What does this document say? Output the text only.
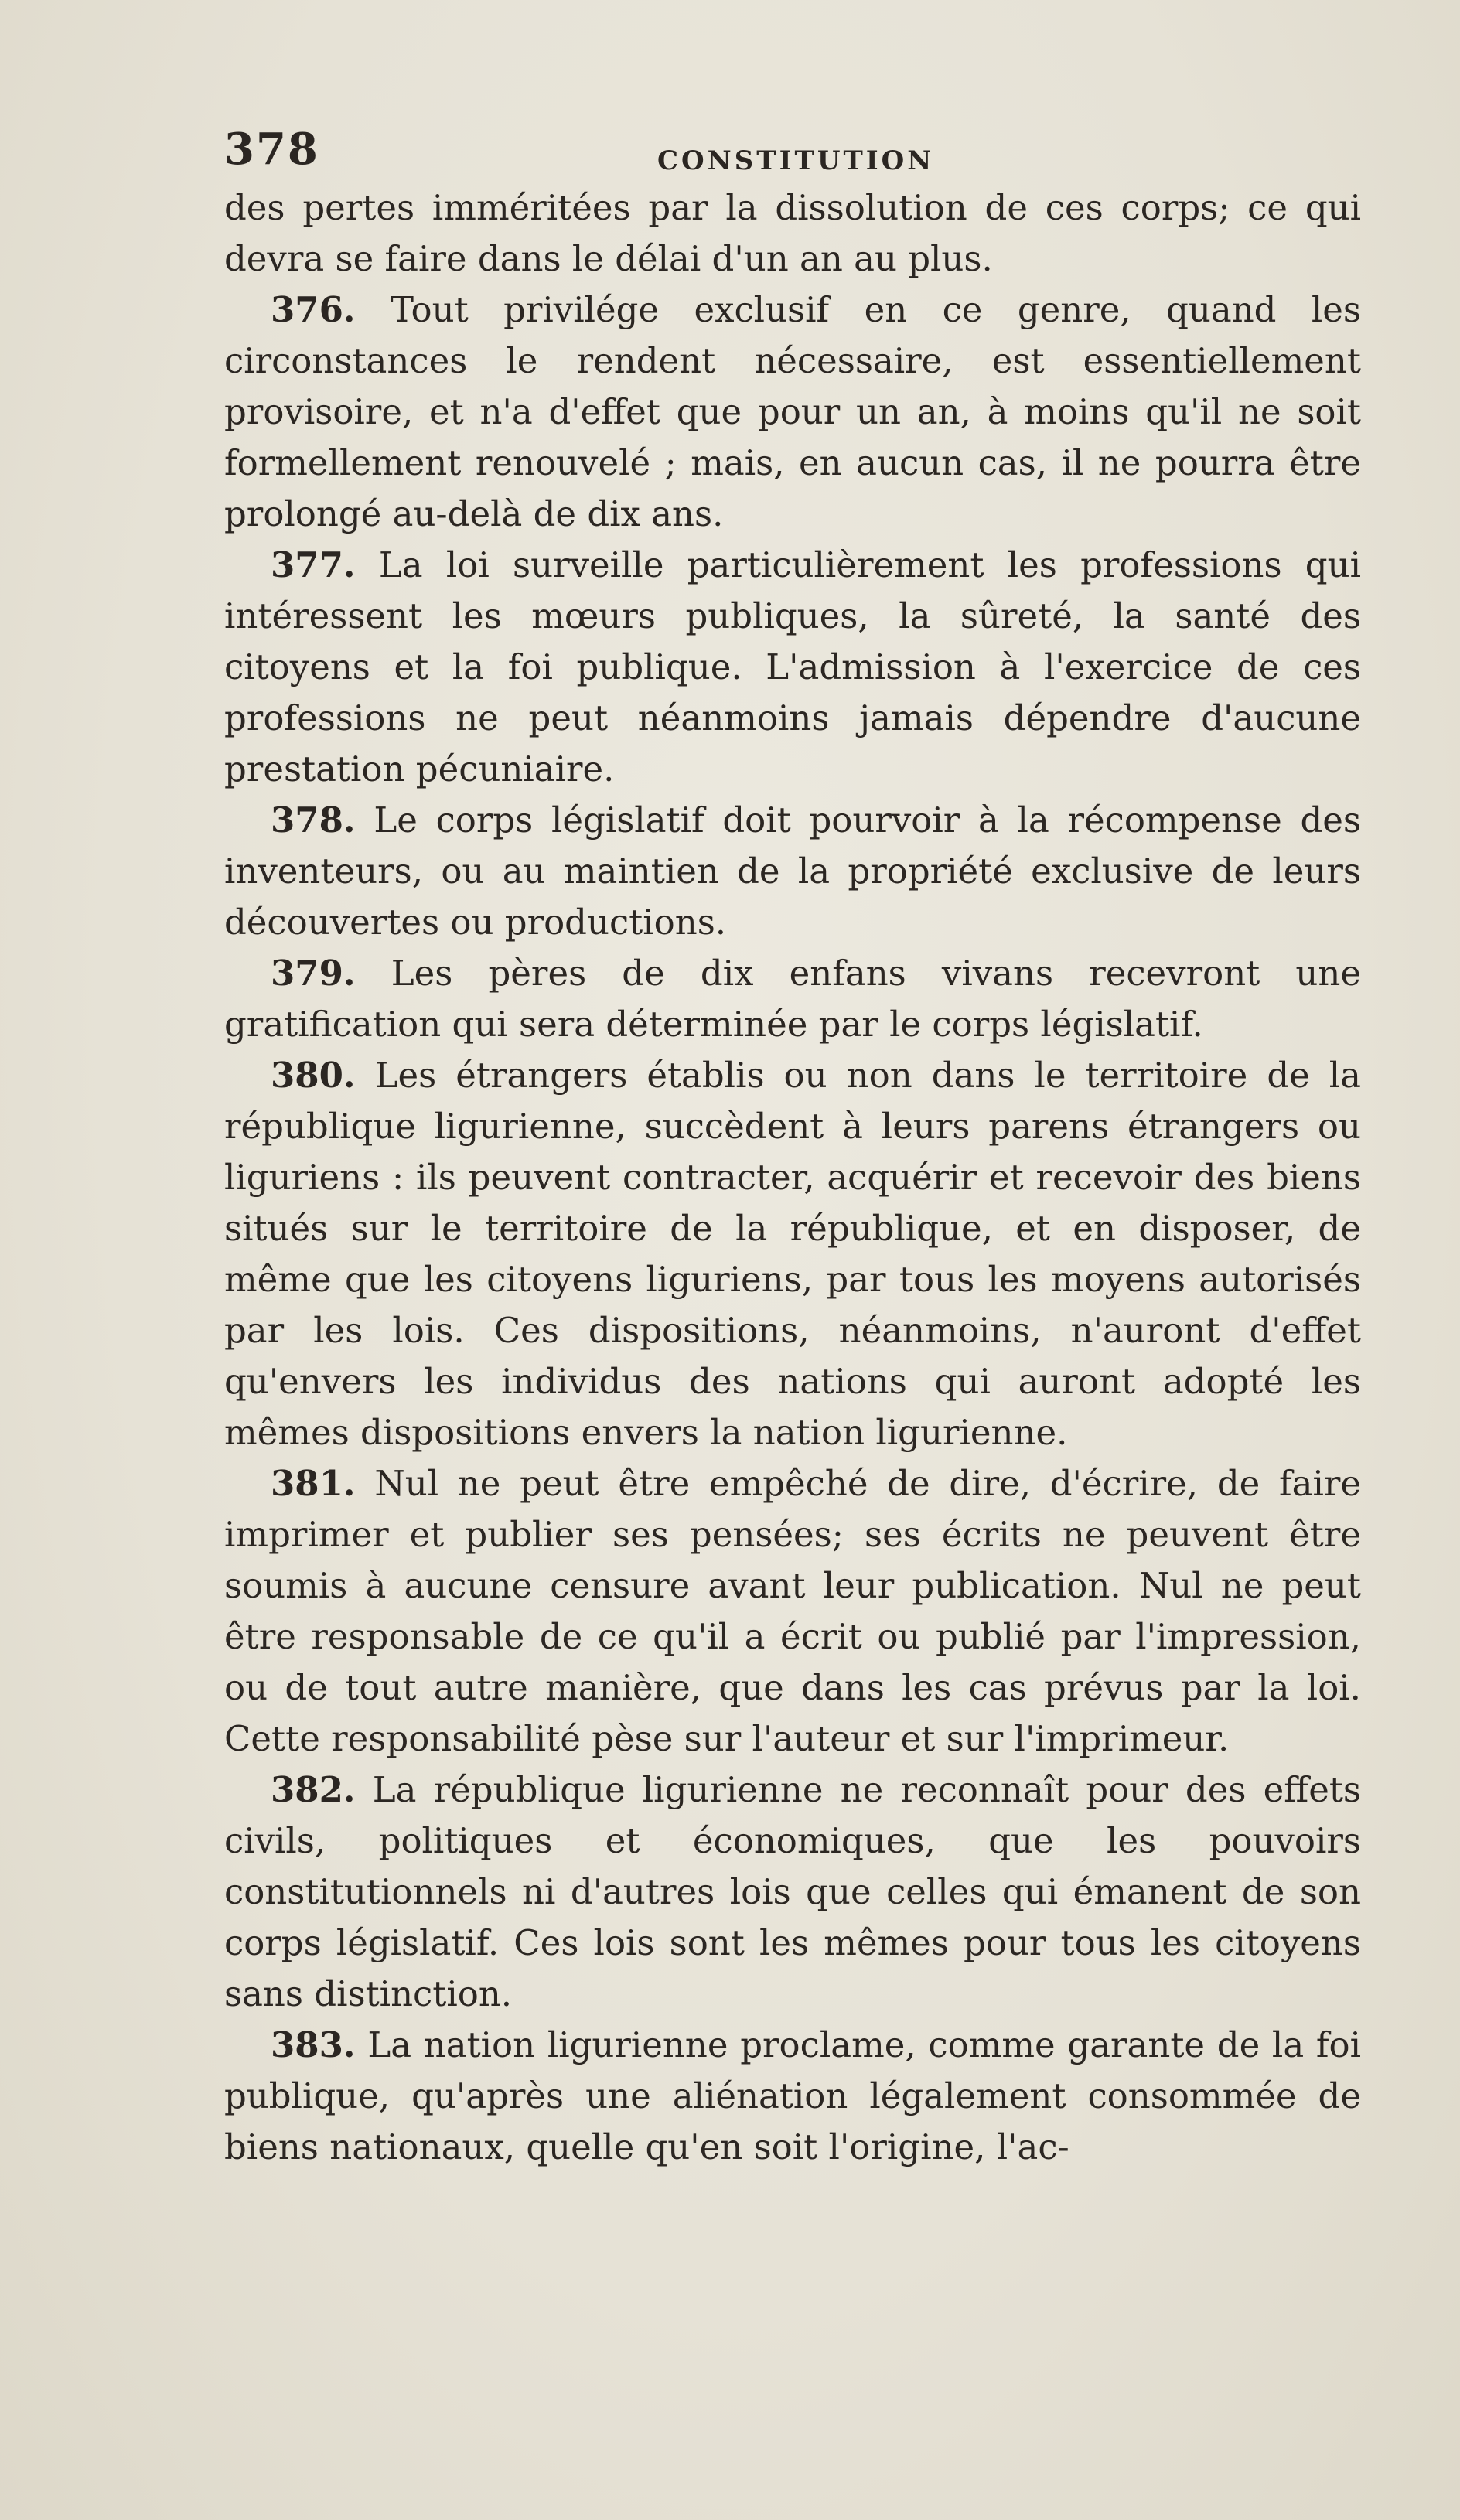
378	CONSTITUTION

des pertes imméritées par la dissolution de ces corps; ce qui devra se faire dans le délai d'un an au plus.

376. Tout privilége exclusif en ce genre, quand les circonstances le rendent nécessaire, est essentiellement provisoire, et n'a d'effet que pour un an, à moins qu'il ne soit formellement renouvelé ; mais, en aucun cas, il ne pourra être prolongé au-delà de dix ans.

377. La loi surveille particulièrement les professions qui intéressent les mœurs publiques, la sûreté, la santé des citoyens et la foi publique. L'admission à l'exercice de ces professions ne peut néanmoins jamais dépendre d'aucune prestation pécuniaire.

378. Le corps législatif doit pourvoir à la récompense des inventeurs, ou au maintien de la propriété exclusive de leurs découvertes ou productions.

379. Les pères de dix enfans vivans recevront une gratification qui sera déterminée par le corps législatif.

380. Les étrangers établis ou non dans le territoire de la république ligurienne, succèdent à leurs parens étrangers ou liguriens : ils peuvent contracter, acquérir et recevoir des biens situés sur le territoire de la république, et en disposer, de même que les citoyens liguriens, par tous les moyens autorisés par les lois. Ces dispositions, néanmoins, n'auront d'effet qu'envers les individus des nations qui auront adopté les mêmes dispositions envers la nation ligurienne.

381. Nul ne peut être empêché de dire, d'écrire, de faire imprimer et publier ses pensées; ses écrits ne peuvent être soumis à aucune censure avant leur publication. Nul ne peut être responsable de ce qu'il a écrit ou publié par l'impression, ou de tout autre manière, que dans les cas prévus par la loi. Cette responsabilité pèse sur l'auteur et sur l'imprimeur.

382. La république ligurienne ne reconnaît pour des effets civils, politiques et économiques, que les pouvoirs constitutionnels ni d'autres lois que celles qui émanent de son corps législatif. Ces lois sont les mêmes pour tous les citoyens sans distinction.

383. La nation ligurienne proclame, comme garante de la foi publique, qu'après une aliénation légalement consommée de biens nationaux, quelle qu'en soit l'origine, l'ac-
